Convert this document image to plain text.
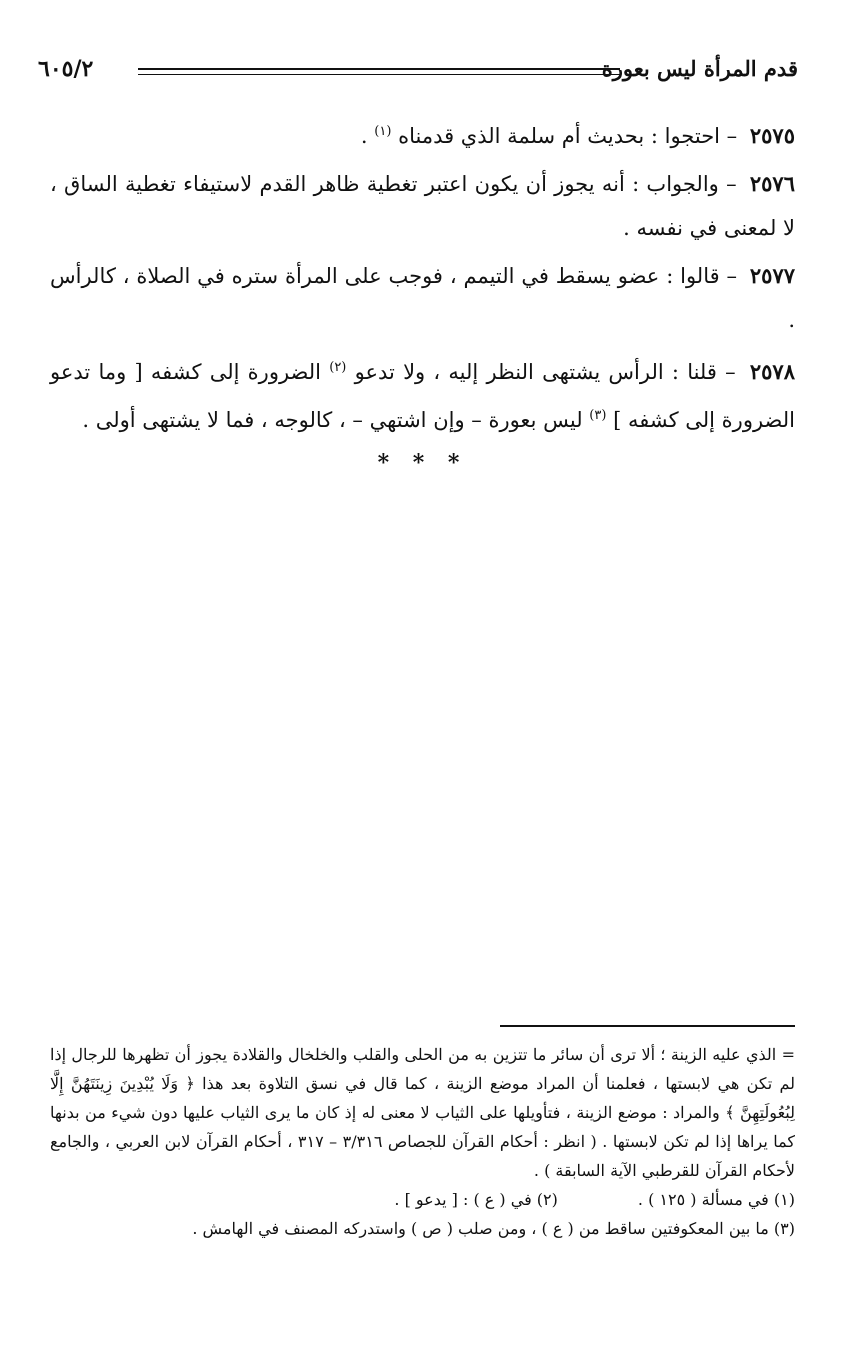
قدم المرأة ليس بعورة
٦٠٥/٢

٢٥٧٥ – احتجوا : بحديث أم سلمة الذي قدمناه $^{(١)}$ .

٢٥٧٦ – والجواب : أنه يجوز أن يكون اعتبر تغطية ظاهر القدم لاستيفاء تغطية الساق ، لا لمعنى في نفسه .

٢٥٧٧ – قالوا : عضو يسقط في التيمم ، فوجب على المرأة ستره في الصلاة ، كالرأس .

٢٥٧٨ – قلنا : الرأس يشتهى النظر إليه ، ولا تدعو $^{(٢)}$ الضرورة إلى كشفه [ وما تدعو الضرورة إلى كشفه ] $^{(٣)}$ ليس بعورة – وإن اشتهي – ، كالوجه ، فما لا يشتهى أولى .

* * *
= الذي عليه الزينة ؛ ألا ترى أن سائر ما تتزين به من الحلى والقلب والخلخال والقلادة يجوز أن تظهرها للرجال إذا لم تكن هي لابستها ، فعلمنا أن المراد موضع الزينة ، كما قال في نسق التلاوة بعد هذا ﴿ وَلَا يُبْدِينَ زِينَتَهُنَّ إِلَّا لِبُعُولَتِهِنَّ ﴾ والمراد : موضع الزينة ، فتأويلها على الثياب لا معنى له إذ كان ما يرى الثياب عليها دون شيء من بدنها كما يراها إذا لم تكن لابستها . ( انظر : أحكام القرآن للجصاص ٣/٣١٦ – ٣١٧ ، أحكام القرآن لابن العربي ، والجامع لأحكام القرآن للقرطبي الآية السابقة ) .
(١) في مسألة ( ١٢٥ ) .
(٢) في ( ع ) : [ يدعو ] .
(٣) ما بين المعكوفتين ساقط من ( ع ) ، ومن صلب ( ص ) واستدركه المصنف في الهامش .
